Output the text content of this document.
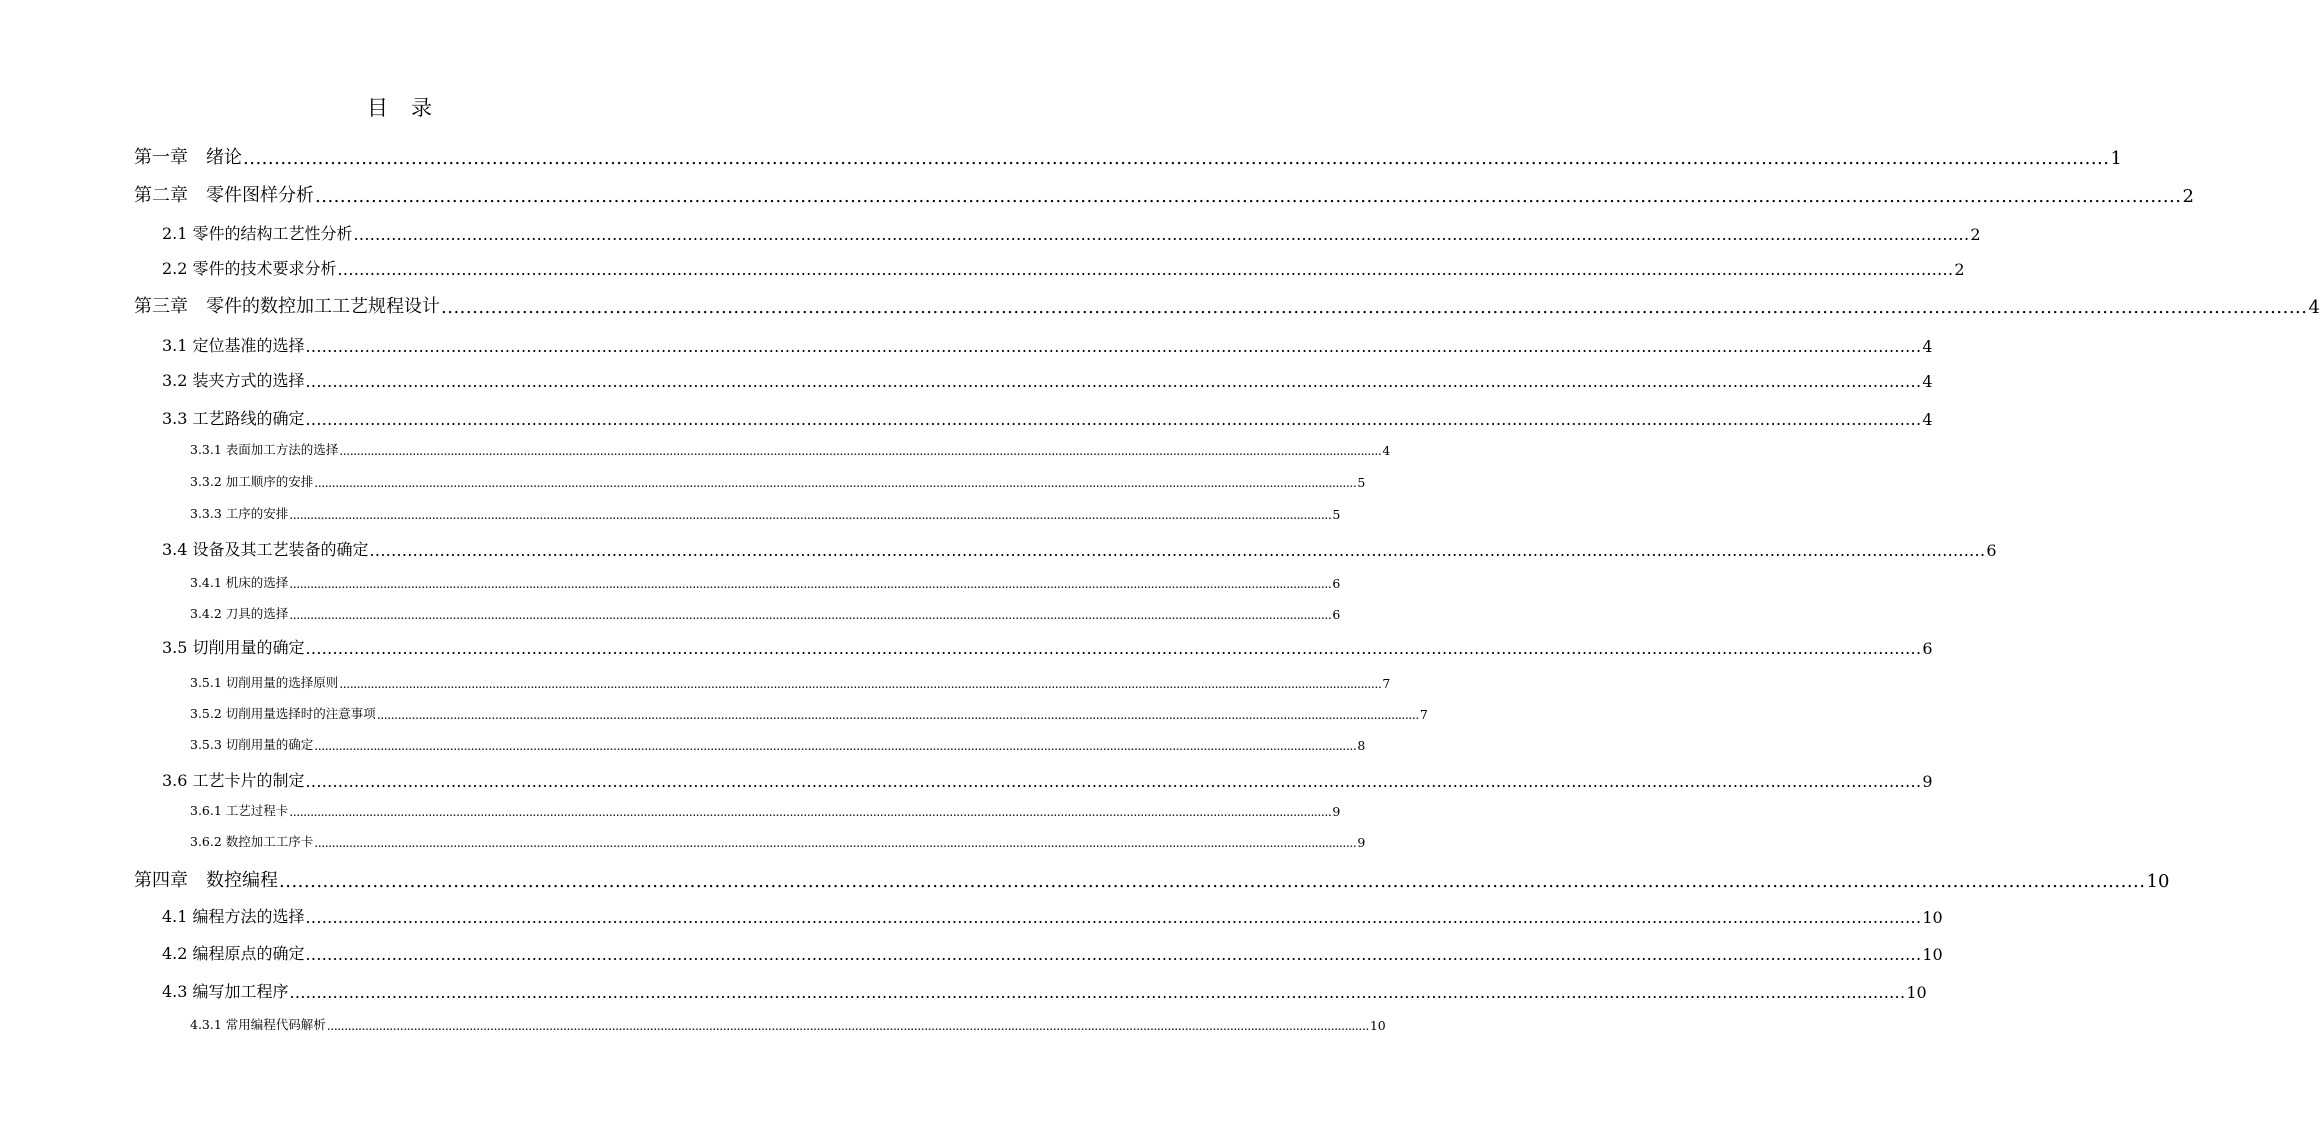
目　录
第一章　绪论 ............................................................................................................................................................................................................................................................................................................ 1
第二章　零件图样分析 ............................................................................................................................................................................................................................................................................................................ 2
2.1 零件的结构工艺性分析 ............................................................................................................................................................................................................................................................................................................ 2
2.2 零件的技术要求分析 ............................................................................................................................................................................................................................................................................................................ 2
第三章　零件的数控加工工艺规程设计 ............................................................................................................................................................................................................................................................................................................ 4
3.1 定位基准的选择 ............................................................................................................................................................................................................................................................................................................ 4
3.2 装夹方式的选择 ............................................................................................................................................................................................................................................................................................................ 4
3.3 工艺路线的确定 ............................................................................................................................................................................................................................................................................................................ 4
3.3.1 表面加工方法的选择 ............................................................................................................................................................................................................................................................................................................ 4
3.3.2 加工顺序的安排 ............................................................................................................................................................................................................................................................................................................ 5
3.3.3 工序的安排 ............................................................................................................................................................................................................................................................................................................ 5
3.4 设备及其工艺装备的确定 ............................................................................................................................................................................................................................................................................................................ 6
3.4.1 机床的选择 ............................................................................................................................................................................................................................................................................................................ 6
3.4.2 刀具的选择 ............................................................................................................................................................................................................................................................................................................ 6
3.5 切削用量的确定 ............................................................................................................................................................................................................................................................................................................ 6
3.5.1 切削用量的选择原则 ............................................................................................................................................................................................................................................................................................................ 7
3.5.2 切削用量选择时的注意事项 ............................................................................................................................................................................................................................................................................................................ 7
3.5.3 切削用量的确定 ............................................................................................................................................................................................................................................................................................................ 8
3.6 工艺卡片的制定 ............................................................................................................................................................................................................................................................................................................ 9
3.6.1 工艺过程卡 ............................................................................................................................................................................................................................................................................................................ 9
3.6.2 数控加工工序卡 ............................................................................................................................................................................................................................................................................................................ 9
第四章　数控编程 ............................................................................................................................................................................................................................................................................................................ 10
4.1 编程方法的选择 ............................................................................................................................................................................................................................................................................................................ 10
4.2 编程原点的确定 ............................................................................................................................................................................................................................................................................................................ 10
4.3 编写加工程序 ............................................................................................................................................................................................................................................................................................................ 10
4.3.1 常用编程代码解析 ............................................................................................................................................................................................................................................................................................................ 10
